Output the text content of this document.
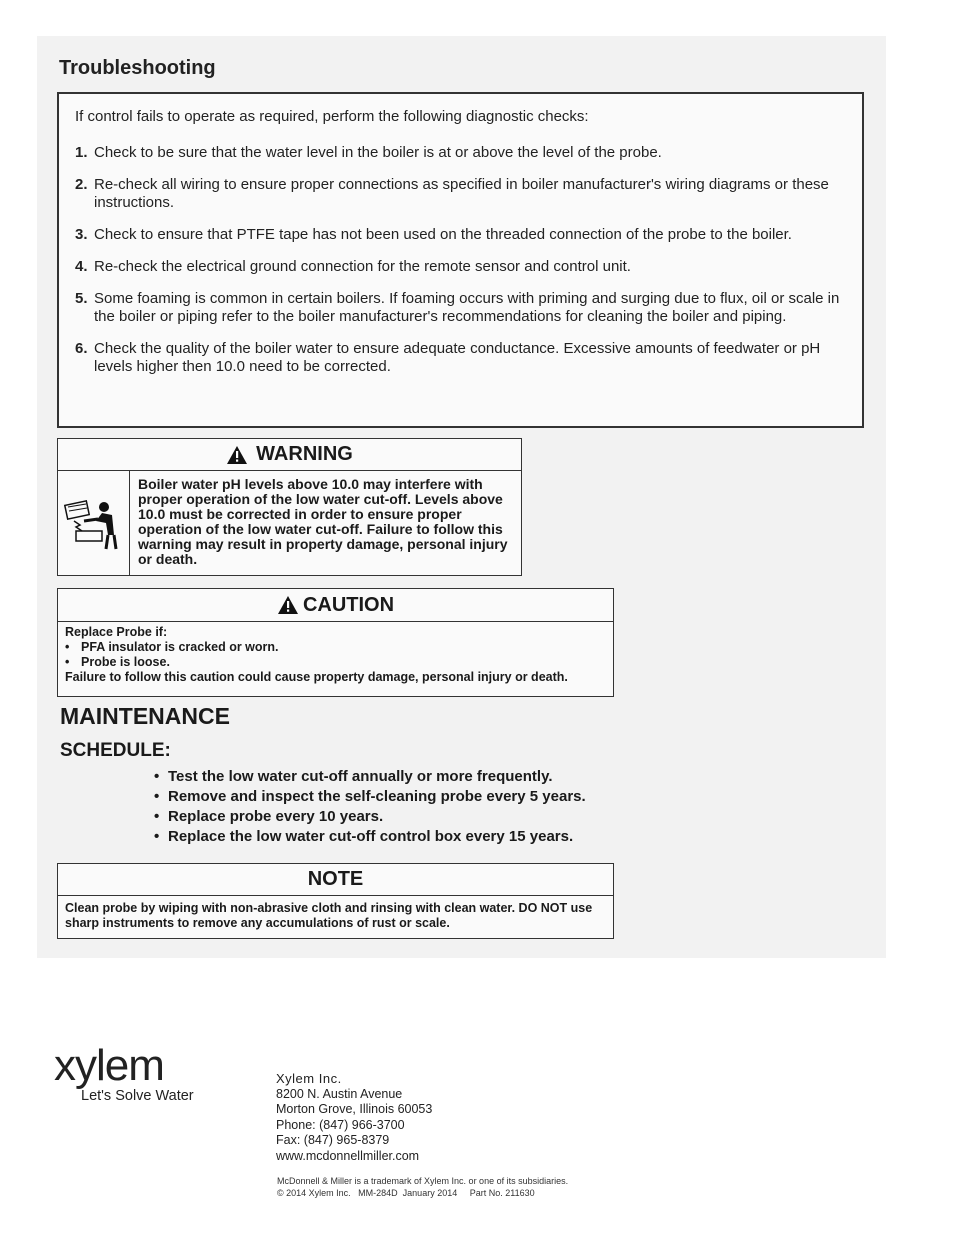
Troubleshooting

If control fails to operate as required, perform the following diagnostic checks:

1. Check to be sure that the water level in the boiler is at or above the level of the probe.
2. Re-check all wiring to ensure proper connections as specified in boiler manufacturer's wiring diagrams or these instructions.
3. Check to ensure that PTFE tape has not been used on the threaded connection of the probe to the boiler.
4. Re-check the electrical ground connection for the remote sensor and control unit.
5. Some foaming is common in certain boilers. If foaming occurs with priming and surging due to flux, oil or scale in the boiler or piping refer to the boiler manufacturer's recommendations for cleaning the boiler and piping.
6. Check the quality of the boiler water to ensure adequate conductance. Excessive amounts of feedwater or pH levels higher then 10.0 need to be corrected.
WARNING

Boiler water pH levels above 10.0 may interfere with proper operation of the low water cut-off. Levels above 10.0 must be corrected in order to ensure proper operation of the low water cut-off. Failure to follow this warning may result in property damage, personal injury or death.

CAUTION

Replace Probe if:

• PFA insulator is cracked or worn.
• Probe is loose.

Failure to follow this caution could cause property damage, personal injury or death.

MAINTENANCE
SCHEDULE:
• Test the low water cut-off annually or more frequently.
• Remove and inspect the self-cleaning probe every 5 years.
• Replace probe every 10 years.
• Replace the low water cut-off control box every 15 years.
NOTE

Clean probe by wiping with non-abrasive cloth and rinsing with clean water. DO NOT use sharp instruments to remove any accumulations of rust or scale.

xylem
Let's Solve Water
Xylem Inc.
8200 N. Austin Avenue
Morton Grove, Illinois 60053
Phone: (847) 966-3700
Fax: (847) 965-8379
www.mcdonnellmiller.com
McDonnell & Miller is a trademark of Xylem Inc. or one of its subsidiaries.
© 2014 Xylem Inc.   MM-284D  January 2014     Part No. 211630
